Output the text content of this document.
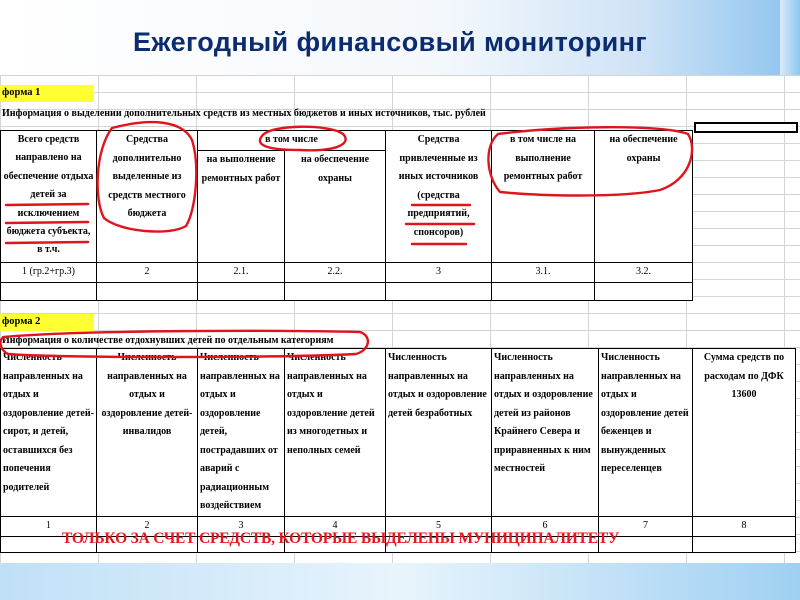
Ежегодный финансовый мониторинг
форма 1
Информация о выделении дополнительных средств из местных бюджетов и иных источников, тыс. рублей
Всего средств направлено на обеспечение отдыха детей за исключением бюджета субъекта, в т.ч.	Средства дополнительно выделенные из средств местного бюджета	в том числе		Средства привлеченные из иных источников (средства предприятий, спонсоров)	в том числе на выполнение ремонтных работ	на обеспечение охраны
		на выполнение ремонтных работ	на обеспечение охраны			
1 (гр.2+гр.3)	2	2.1.	2.2.	3	3.1.	3.2.

форма 2
Информация о количестве отдохнувших детей по отдельным категориям
Численность направленных на отдых и оздоровление детей-сирот, и детей, оставшихся без попечения родителей	Численность направленных на отдых и оздоровление детей-инвалидов	Численность направленных на отдых и оздоровление детей, пострадавших от аварий с радиационным воздействием	Численность направленных на отдых и оздоровление детей из многодетных и неполных семей	Численность направленных на отдых и оздоровление детей безработных	Численность направленных на отдых и оздоровление детей из районов Крайнего Севера и приравненных к ним местностей	Численность направленных на отдых и оздоровление детей беженцев и вынужденных переселенцев	Сумма средств по расходам по ДФК 13600
1	2	3	4	5	6	7	8

ТОЛЬКО ЗА СЧЕТ СРЕДСТВ, КОТОРЫЕ ВЫДЕЛЕНЫ МУНИЦИПАЛИТЕТУ
